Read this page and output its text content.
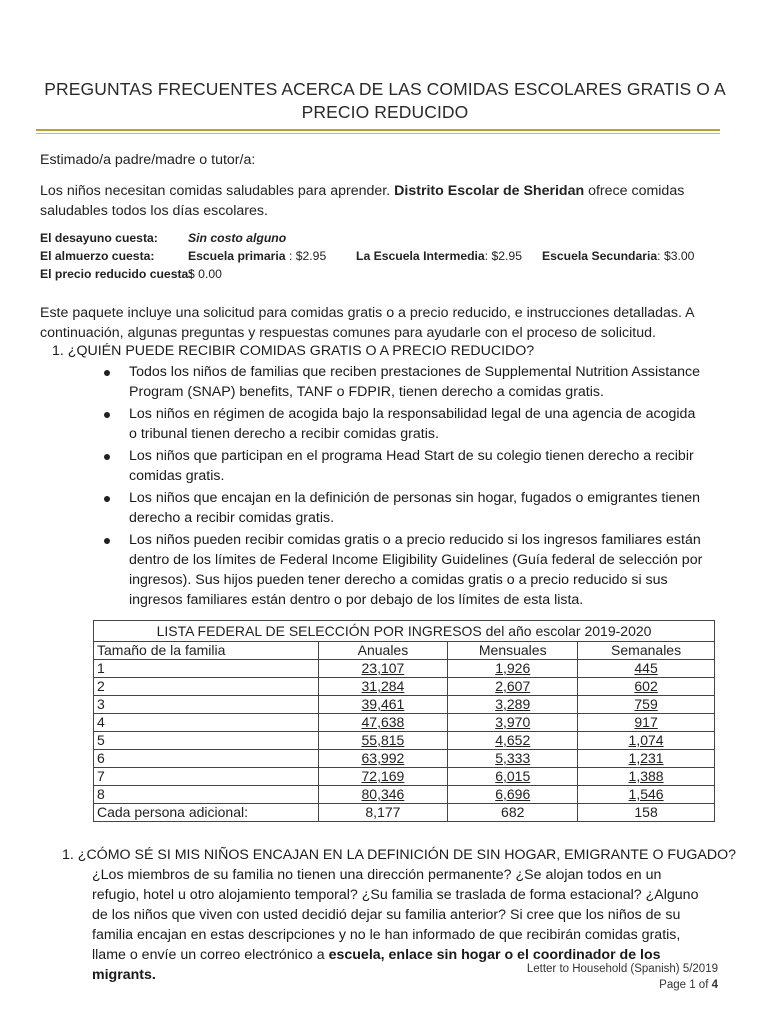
PREGUNTAS FRECUENTES ACERCA DE LAS COMIDAS ESCOLARES GRATIS O A
PRECIO REDUCIDO
Estimado/a padre/madre o tutor/a:
Los niños necesitan comidas saludables para aprender. Distrito Escolar de Sheridan ofrece comidas saludables todos los días escolares.
El desayuno cuesta: Sin costo alguno
El almuerzo cuesta:	Escuela primaria : $2.95 La Escuela Intermedia: $2.95 Escuela Secundaria: $3.00
El precio reducido cuesta:
$ 0.00
Este paquete incluye una solicitud para comidas gratis o a precio reducido, e instrucciones detalladas. A continuación, algunas preguntas y respuestas comunes para ayudarle con el proceso de solicitud.
1. ¿QUIÉN PUEDE RECIBIR COMIDAS GRATIS O A PRECIO REDUCIDO?
Todos los niños de familias que reciben prestaciones de Supplemental Nutrition Assistance Program (SNAP) benefits, TANF o FDPIR, tienen derecho a comidas gratis.
Los niños en régimen de acogida bajo la responsabilidad legal de una agencia de acogida o tribunal tienen derecho a recibir comidas gratis.
Los niños que participan en el programa Head Start de su colegio tienen derecho a recibir comidas gratis.
Los niños que encajan en la definición de personas sin hogar, fugados o emigrantes tienen derecho a recibir comidas gratis.
Los niños pueden recibir comidas gratis o a precio reducido si los ingresos familiares están dentro de los límites de Federal Income Eligibility Guidelines (Guía federal de selección por ingresos). Sus hijos pueden tener derecho a comidas gratis o a precio reducido si sus ingresos familiares están dentro o por debajo de los límites de esta lista.
LISTA FEDERAL DE SELECCIÓN POR INGRESOS del año escolar 2019-2020			
Tamaño de la familia	Anuales	Mensuales	Semanales
1	23,107	1,926	445
2	31,284	2,607	602
3	39,461	3,289	759
4	47,638	3,970	917
5	55,815	4,652	1,074
6	63,992	5,333	1,231
7	72,169	6,015	1,388
8	80,346	6,696	1,546
Cada persona adicional:	8,177	682	158
1. ¿CÓMO SÉ SI MIS NIÑOS ENCAJAN EN LA DEFINICIÓN DE SIN HOGAR, EMIGRANTE O FUGADO?
¿Los miembros de su familia no tienen una dirección permanente? ¿Se alojan todos en un refugio, hotel u otro alojamiento temporal? ¿Su familia se traslada de forma estacional? ¿Alguno de los niños que viven con usted decidió dejar su familia anterior? Si cree que los niños de su familia encajan en estas descripciones y no le han informado de que recibirán comidas gratis, llame o envíe un correo electrónico a escuela, enlace sin hogar o el coordinador de los migrants.	Letter to Household (Spanish) 5/2019
Page 1 of 4
